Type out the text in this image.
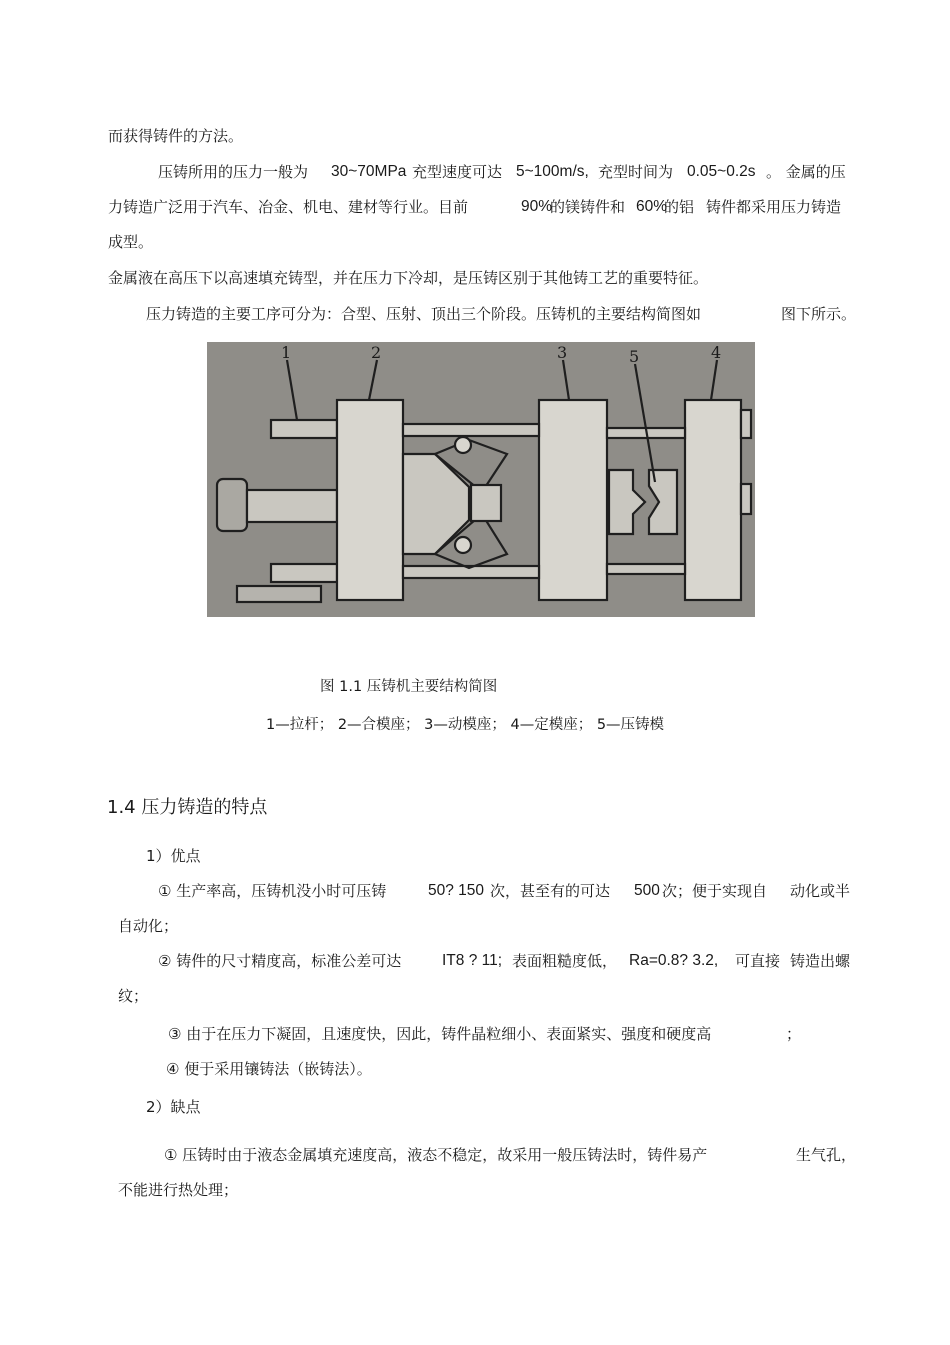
而获得铸件的方法。
压铸所用的压力一般为 30~70MPa 充型速度可达 5~100m/s, 充型时间为 0.05~0.2s 。 金属的压
力铸造广泛用于汽车、冶金、机电、建材等行业。目前	90%
的镁铸件和 60%
的铝 铸件都采用压力铸造
成型。
金属液在高压下以高速填充铸型，并在压力下冷却，是压铸区别于其他铸工艺的重要特征。
压力铸造的主要工序可分为：合型、压射、顶出三个阶段。压铸机的主要结构简图如	图下所示。
1	2	3	5	4
图 1.1 压铸机主要结构简图
1—拉杆； 2—合模座； 3—动模座； 4—定模座； 5—压铸模
1.4 压力铸造的特点
1）优点
① 生产率高，压铸机没小时可压铸	50? 150 次，甚至有的可达 500 次；便于实现自 动化或半
自动化；
② 铸件的尺寸精度高，标准公差可达	IT8 ? 11; 表面粗糙度低， Ra=0.8? 3.2, 可直接 铸造出螺
纹；
③ 由于在压力下凝固，且速度快，因此，铸件晶粒细小、表面紧实、强度和硬度高	；
④ 便于采用镶铸法（嵌铸法）。
2）缺点
① 压铸时由于液态金属填充速度高，液态不稳定，故采用一般压铸法时，铸件易产	生气孔，
不能进行热处理；
